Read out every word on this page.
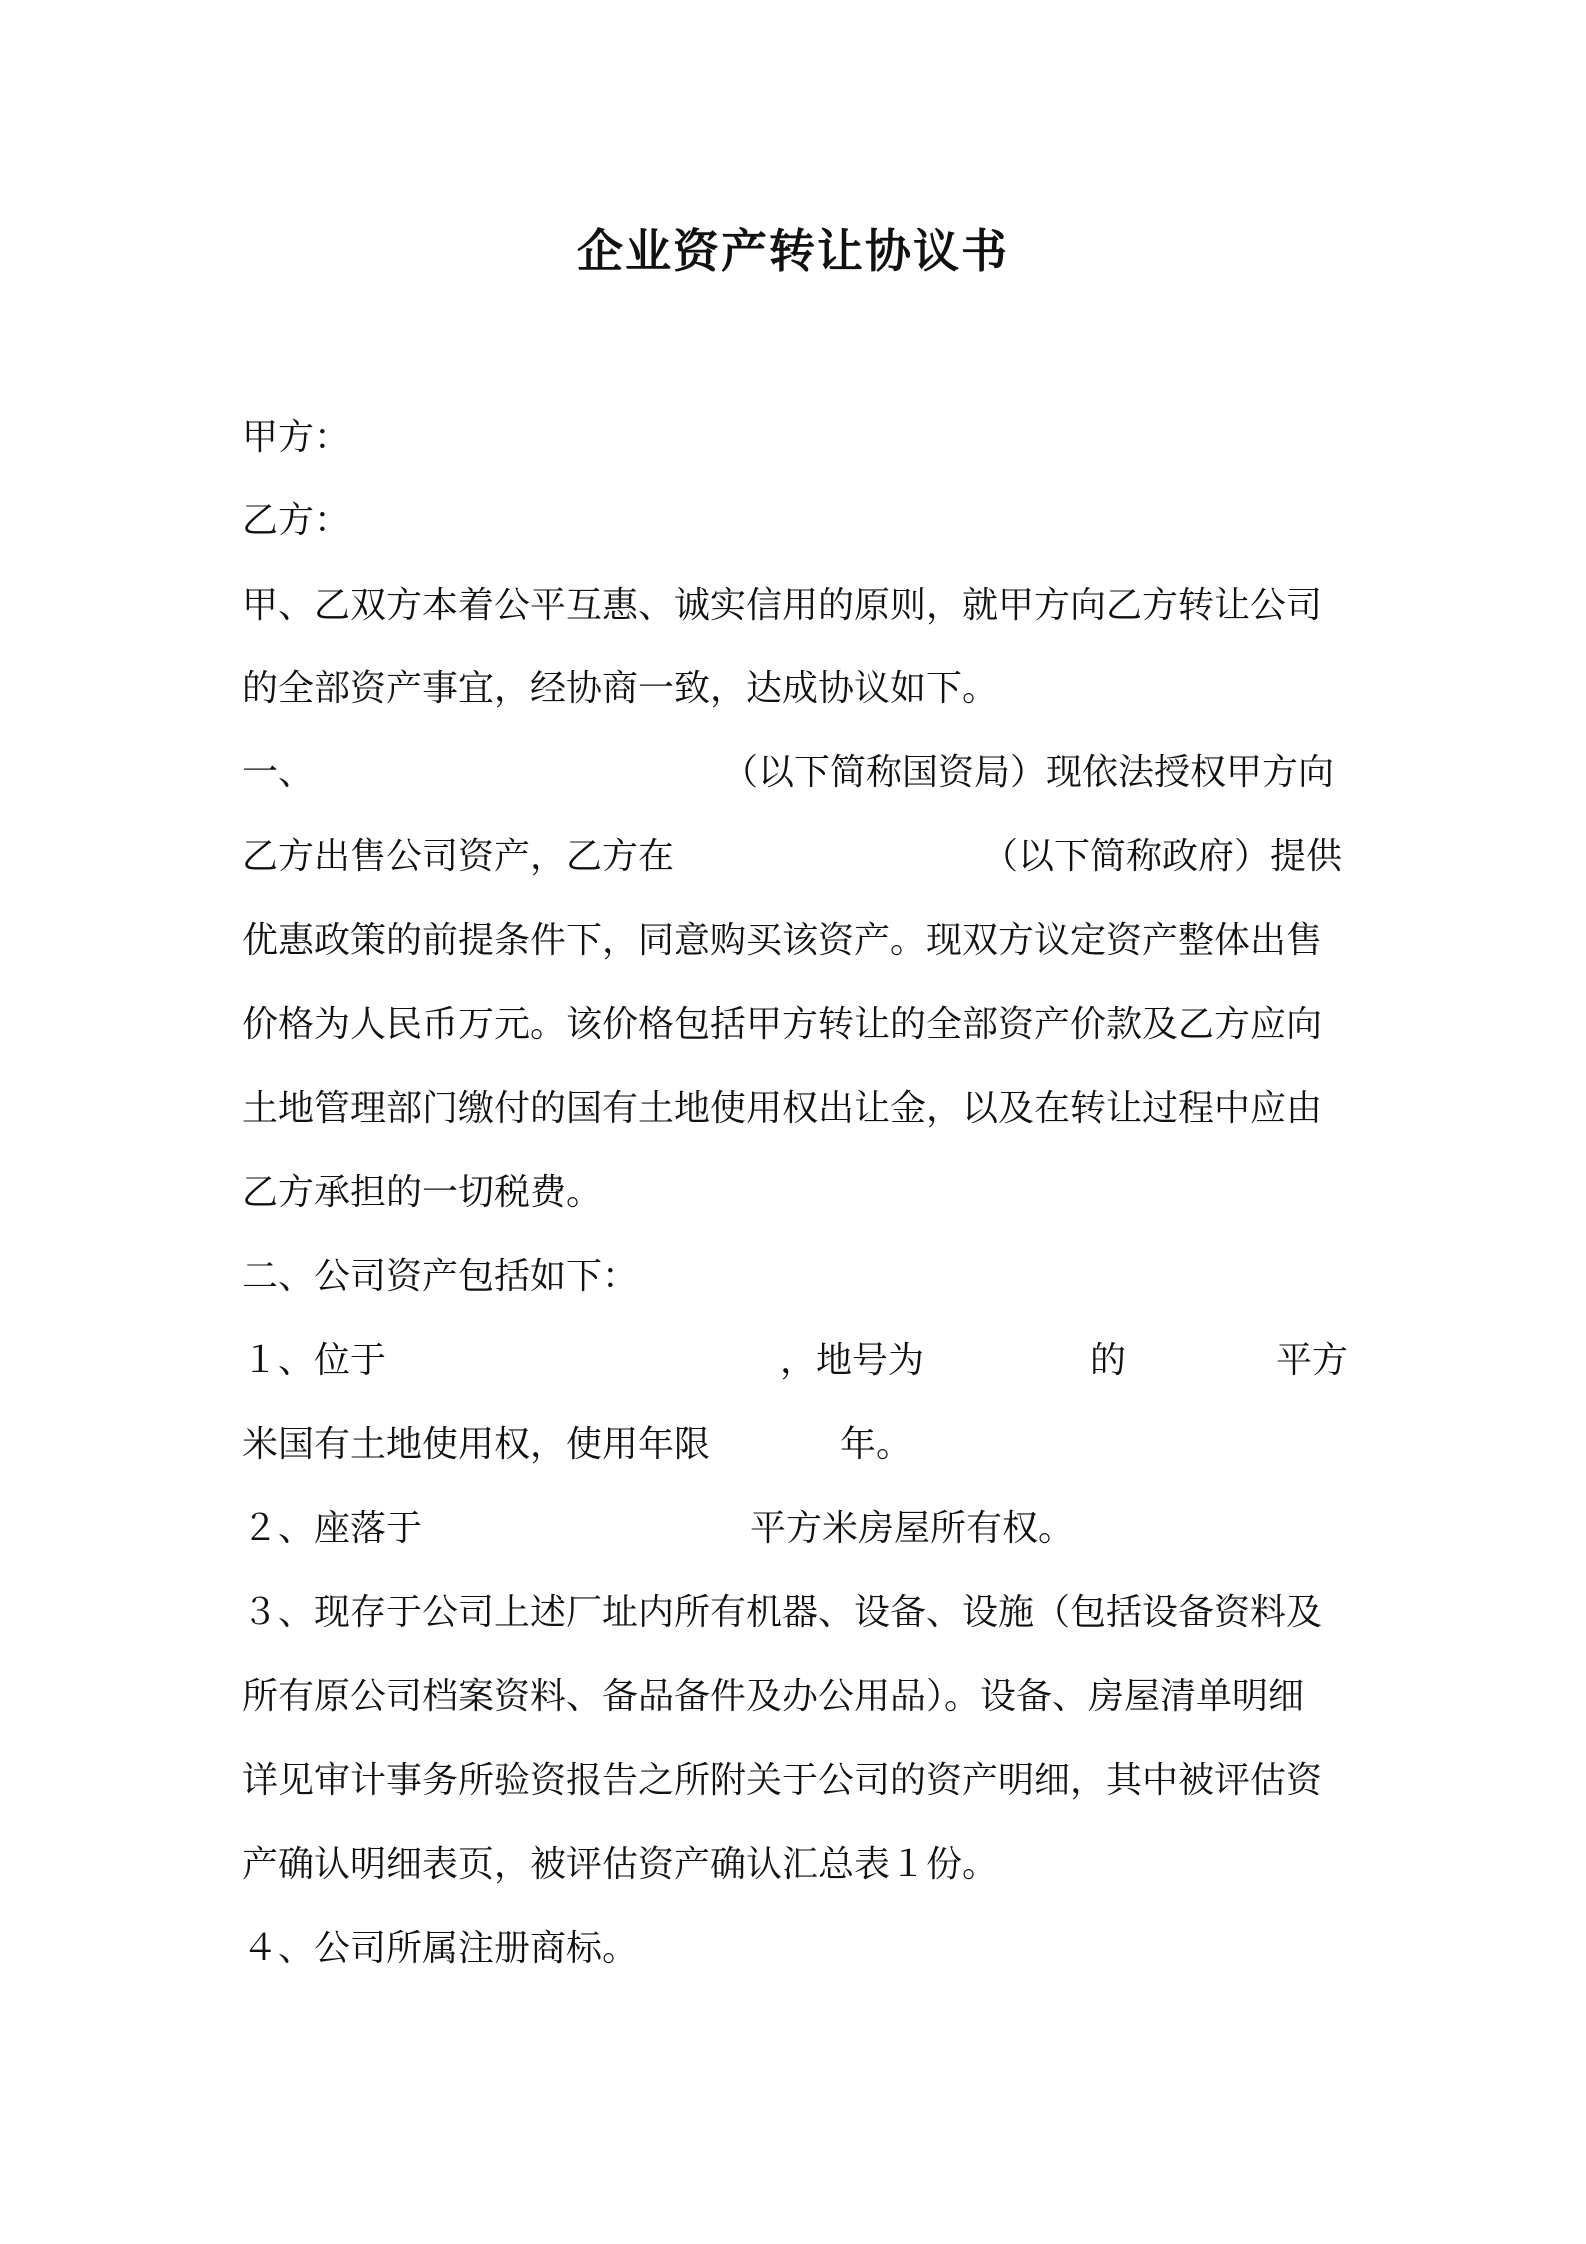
企业资产转让协议书
甲方：
乙方：
甲、乙双方本着公平互惠、诚实信用的原则，就甲方向乙方转让公司
的全部资产事宜，经协商一致，达成协议如下。
一、	（以下简称国资局）现依法授权甲方向
乙方出售公司资产，乙方在	（以下简称政府）提供
优惠政策的前提条件下，同意购买该资产。现双方议定资产整体出售
价格为人民币万元。该价格包括甲方转让的全部资产价款及乙方应向
土地管理部门缴付的国有土地使用权出让金，以及在转让过程中应由
乙方承担的一切税费。
二、公司资产包括如下：
１、位于	，地号为	的	平方
米国有土地使用权，使用年限	年。
２、座落于	平方米房屋所有权。
３、现存于公司上述厂址内所有机器、设备、设施（包括设备资料及
所有原公司档案资料、备品备件及办公用品）。设备、房屋清单明细
详见审计事务所验资报告之所附关于公司的资产明细，其中被评估资
产确认明细表页，被评估资产确认汇总表１份。
４、公司所属注册商标。
